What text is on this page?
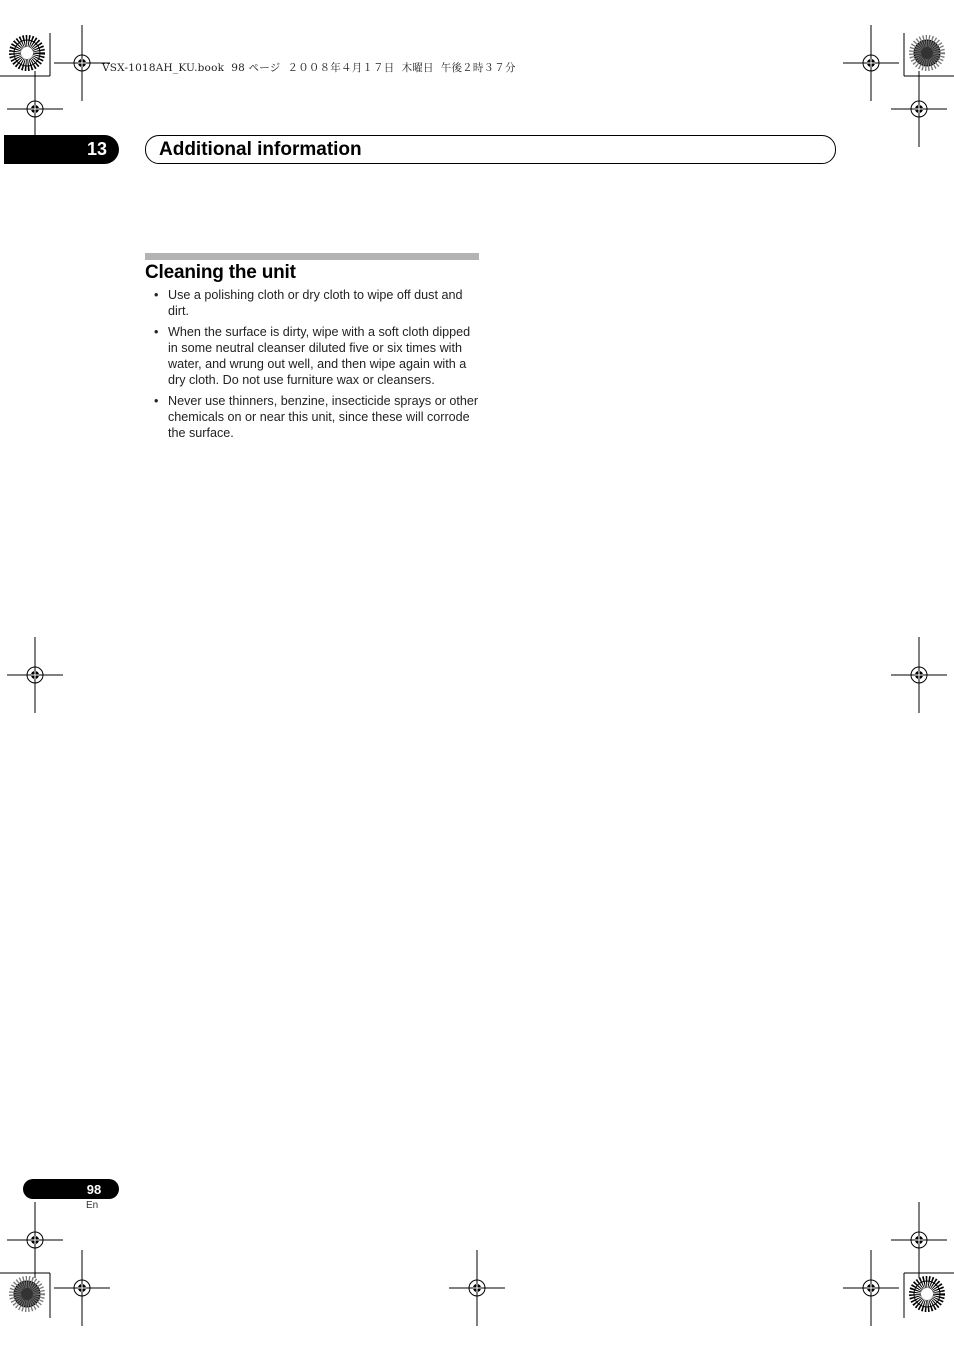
VSX-1018AH_KU.book  98 ページ  ２００８年４月１７日  木曜日  午後２時３７分
13	Additional information
Cleaning the unit
• Use a polishing cloth or dry cloth to wipe off dust and dirt.
• When the surface is dirty, wipe with a soft cloth dipped in some neutral cleanser diluted five or six times with water, and wrung out well, and then wipe again with a dry cloth. Do not use furniture wax or cleansers.
• Never use thinners, benzine, insecticide sprays or other chemicals on or near this unit, since these will corrode the surface.
98
En
